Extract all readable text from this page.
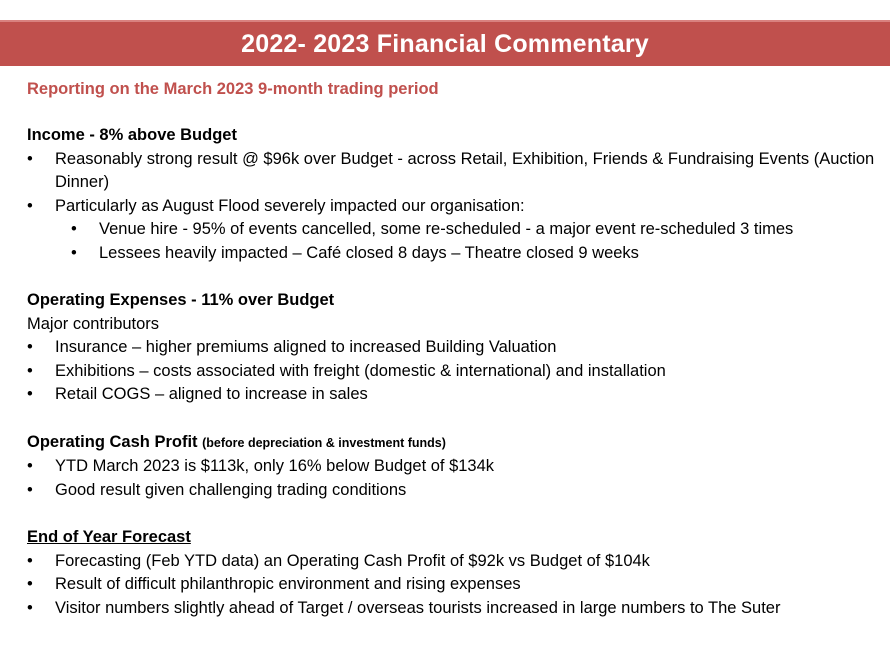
2022- 2023 Financial Commentary

Reporting on the March 2023 9-month trading period

Income - 8% above Budget

• Reasonably strong result @ $96k over Budget - across Retail, Exhibition, Friends & Fundraising Events (Auction Dinner)
• Particularly as August Flood severely impacted our organisation:
• Venue hire - 95% of events cancelled, some re-scheduled - a major event re-scheduled 3 times
• Lessees heavily impacted – Café closed 8 days – Theatre closed 9 weeks

Operating Expenses - 11% over Budget

Major contributors

• Insurance – higher premiums aligned to increased Building Valuation
• Exhibitions – costs associated with freight (domestic & international) and installation
• Retail COGS – aligned to increase in sales

Operating Cash Profit (before depreciation & investment funds)

• YTD March 2023 is $113k, only 16% below Budget of $134k
• Good result given challenging trading conditions

End of Year Forecast

• Forecasting (Feb YTD data) an Operating Cash Profit of $92k vs Budget of $104k
• Result of difficult philanthropic environment and rising expenses
• Visitor numbers slightly ahead of Target / overseas tourists increased in large numbers to The Suter
